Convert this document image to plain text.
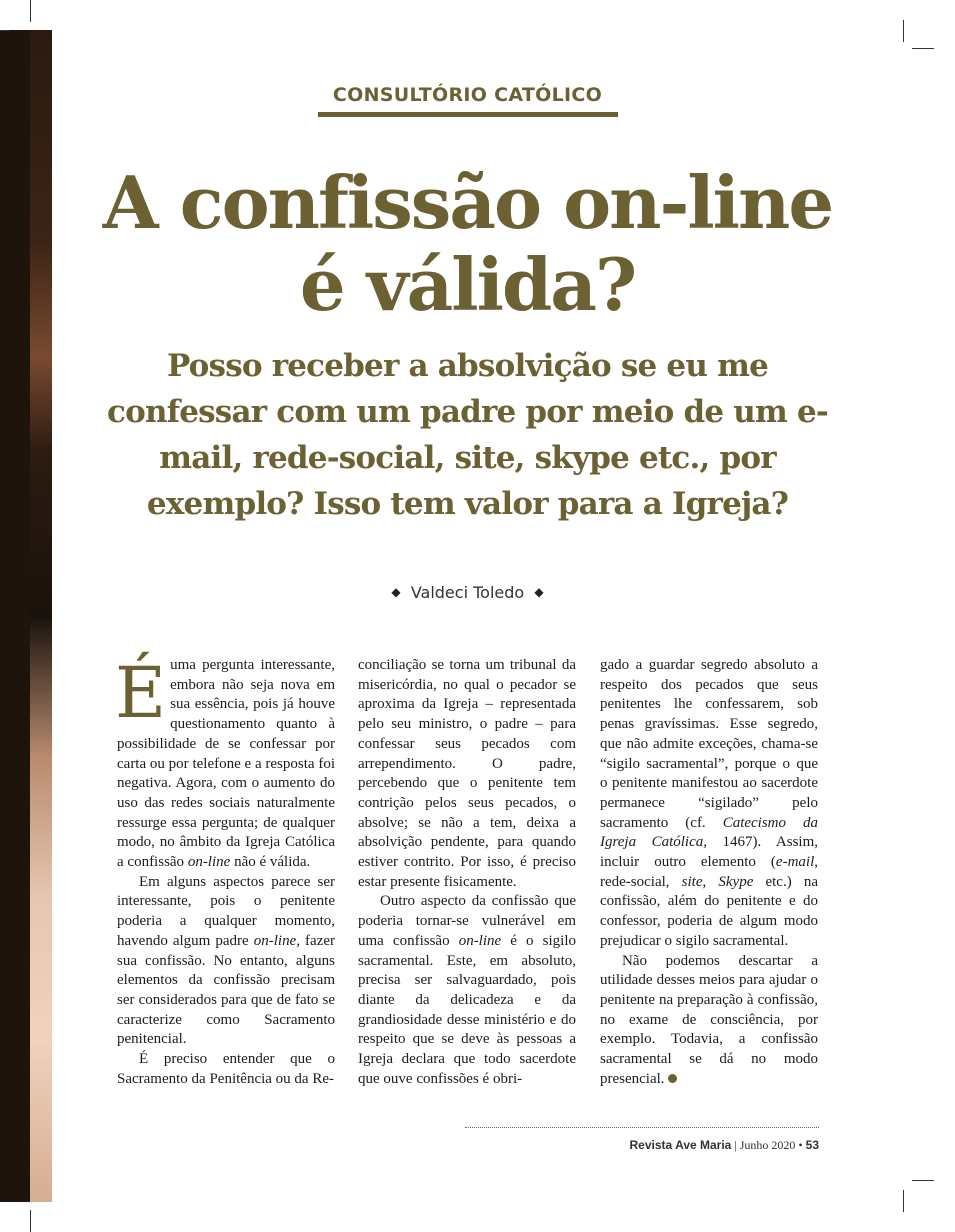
CONSULTÓRIO CATÓLICO
A confissão on-line
é válida?

Posso receber a absolvição se eu me confessar com um padre por meio de um e-mail, rede-social, site, skype etc., por exemplo? Isso tem valor para a Igreja?

◆ Valdeci Toledo ◆

É uma pergunta interessante, embora não seja nova em sua essência, pois já houve questionamento quanto à possibilidade de se confessar por carta ou por telefone e a resposta foi negativa. Agora, com o aumento do uso das redes sociais naturalmente ressurge essa pergunta; de qualquer modo, no âmbito da Igreja Católica a confissão on-line não é válida.

Em alguns aspectos parece ser interessante, pois o penitente poderia a qualquer momento, havendo algum padre on-line, fazer sua confissão. No entanto, alguns elementos da confissão precisam ser considerados para que de fato se caracterize como Sacramento penitencial.

É preciso entender que o Sacramento da Penitência ou da Re-

conciliação se torna um tribunal da misericórdia, no qual o pecador se aproxima da Igreja – representada pelo seu ministro, o padre – para confessar seus pecados com arrependimento. O padre, percebendo que o penitente tem contrição pelos seus pecados, o absolve; se não a tem, deixa a absolvição pendente, para quando estiver contrito. Por isso, é preciso estar presente fisicamente.

Outro aspecto da confissão que poderia tornar-se vulnerável em uma confissão on-line é o sigilo sacramental. Este, em absoluto, precisa ser salvaguardado, pois diante da delicadeza e da grandiosidade desse ministério e do respeito que se deve às pessoas a Igreja declara que todo sacerdote que ouve confissões é obri-

gado a guardar segredo absoluto a respeito dos pecados que seus penitentes lhe confessarem, sob penas gravíssimas. Esse segredo, que não admite exceções, chama-se “sigilo sacramental”, porque o que o penitente manifestou ao sacerdote permanece “sigilado” pelo sacramento (cf. Catecismo da Igreja Católica, 1467). Assim, incluir outro elemento (e-mail, rede-social, site, Skype etc.) na confissão, além do penitente e do confessor, poderia de algum modo prejudicar o sigilo sacramental.

Não podemos descartar a utilidade desses meios para ajudar o penitente na preparação à confissão, no exame de consciência, por exemplo. Todavia, a confissão sacramental se dá no modo presencial.

Revista Ave Maria | Junho 2020 • 53
